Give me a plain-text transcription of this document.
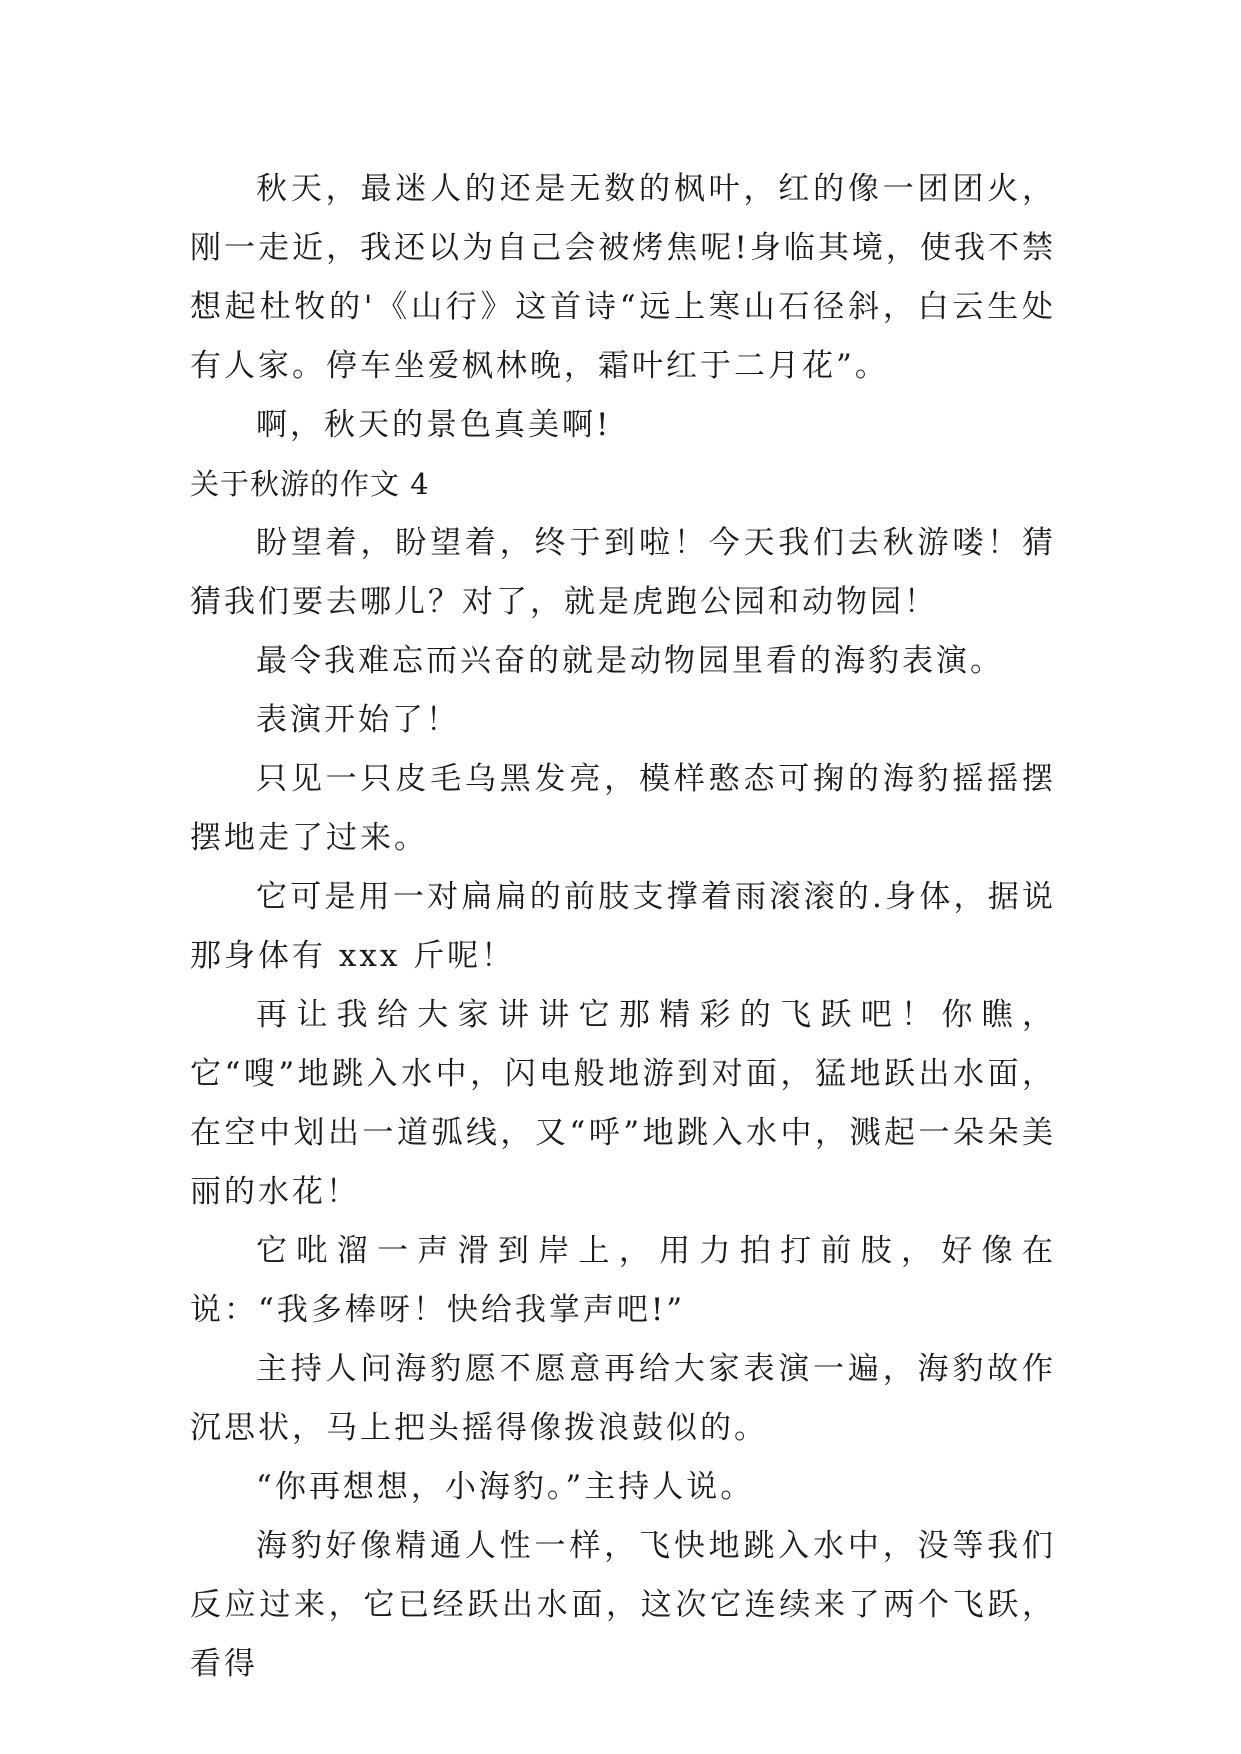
秋天，最迷人的还是无数的枫叶，红的像一团团火，刚一走近，我还以为自己会被烤焦呢!身临其境，使我不禁想起杜牧的'《山行》这首诗“远上寒山石径斜，白云生处有人家。停车坐爱枫林晚，霜叶红于二月花”。

啊，秋天的景色真美啊!

关于秋游的作文 4

盼望着，盼望着，终于到啦！今天我们去秋游喽！猜猜我们要去哪儿？对了，就是虎跑公园和动物园！

最令我难忘而兴奋的就是动物园里看的海豹表演。

表演开始了！

只见一只皮毛乌黑发亮，模样憨态可掬的海豹摇摇摆摆地走了过来。

它可是用一对扁扁的前肢支撑着雨滚滚的.身体，据说那身体有 xxx 斤呢！

再让我给大家讲讲它那精彩的飞跃吧！你瞧，它“嗖”地跳入水中，闪电般地游到对面，猛地跃出水面，在空中划出一道弧线，又“呼”地跳入水中，溅起一朵朵美丽的水花！

它吡溜一声滑到岸上，用力拍打前肢，好像在说：“我多棒呀！快给我掌声吧!”

主持人问海豹愿不愿意再给大家表演一遍，海豹故作沉思状，马上把头摇得像拨浪鼓似的。

“你再想想，小海豹。”主持人说。

海豹好像精通人性一样，飞快地跳入水中，没等我们反应过来，它已经跃出水面，这次它连续来了两个飞跃，看得
